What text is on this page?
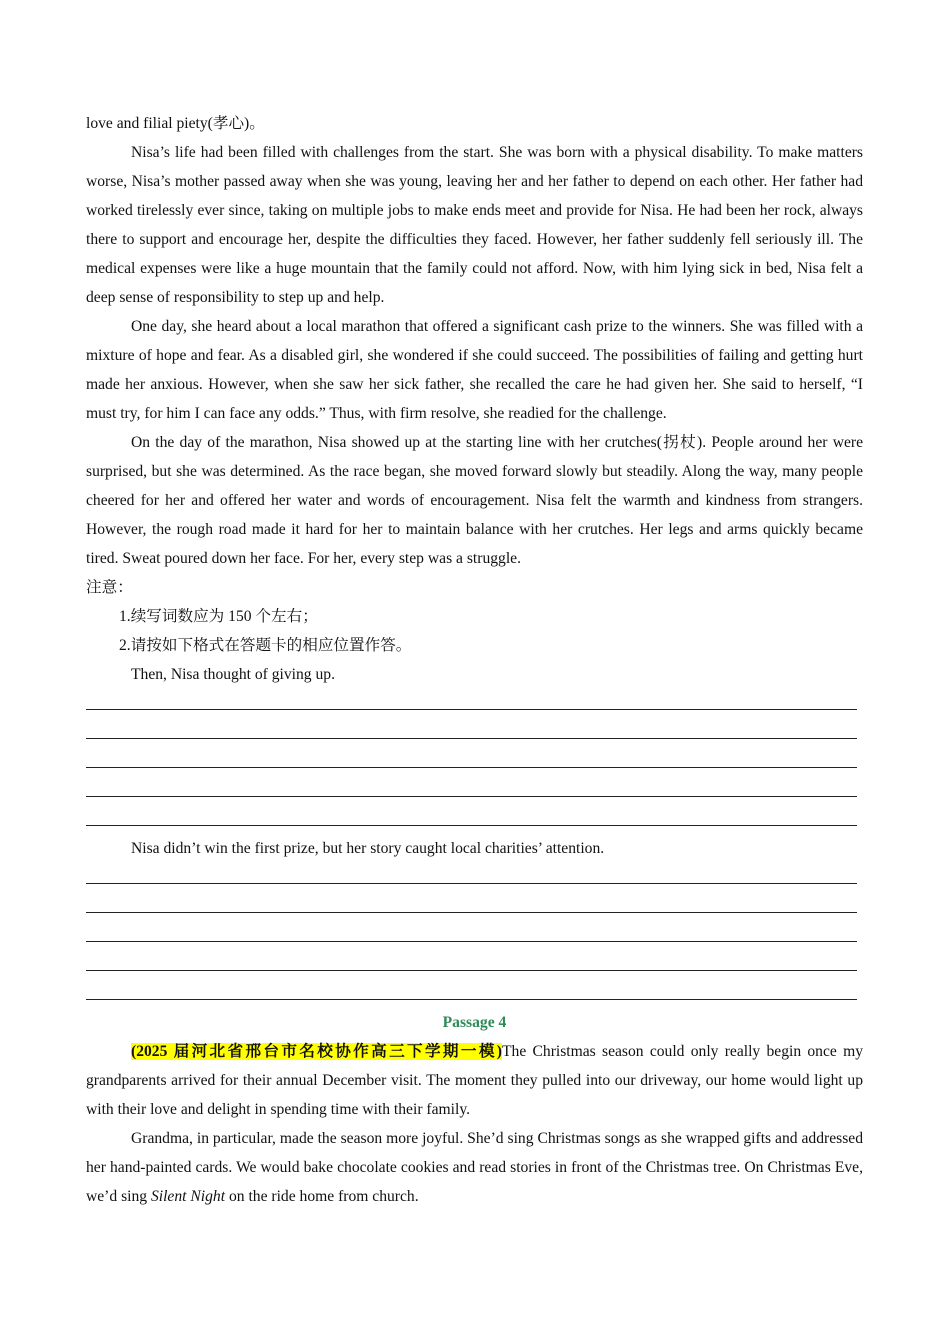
love and filial piety(孝心)。

Nisa’s life had been filled with challenges from the start. She was born with a physical disability. To make matters worse, Nisa’s mother passed away when she was young, leaving her and her father to depend on each other. Her father had worked tirelessly ever since, taking on multiple jobs to make ends meet and provide for Nisa. He had been her rock, always there to support and encourage her, despite the difficulties they faced. However, her father suddenly fell seriously ill. The medical expenses were like a huge mountain that the family could not afford. Now, with him lying sick in bed, Nisa felt a deep sense of responsibility to step up and help.

One day, she heard about a local marathon that offered a significant cash prize to the winners. She was filled with a mixture of hope and fear. As a disabled girl, she wondered if she could succeed. The possibilities of failing and getting hurt made her anxious. However, when she saw her sick father, she recalled the care he had given her. She said to herself, “I must try, for him I can face any odds.” Thus, with firm resolve, she readied for the challenge.

On the day of the marathon, Nisa showed up at the starting line with her crutches(拐杖). People around her were surprised, but she was determined. As the race began, she moved forward slowly but steadily. Along the way, many people cheered for her and offered her water and words of encouragement. Nisa felt the warmth and kindness from strangers. However, the rough road made it hard for her to maintain balance with her crutches. Her legs and arms quickly became tired. Sweat poured down her face. For her, every step was a struggle.

注意：

1.续写词数应为 150 个左右；

2.请按如下格式在答题卡的相应位置作答。

Then, Nisa thought of giving up.

Nisa didn’t win the first prize, but her story caught local charities’ attention.

Passage 4

(2025 届河北省邢台市名校协作高三下学期一模)The Christmas season could only really begin once my grandparents arrived for their annual December visit. The moment they pulled into our driveway, our home would light up with their love and delight in spending time with their family.

Grandma, in particular, made the season more joyful. She’d sing Christmas songs as she wrapped gifts and addressed her hand-painted cards. We would bake chocolate cookies and read stories in front of the Christmas tree. On Christmas Eve, we’d sing Silent Night on the ride home from church.
